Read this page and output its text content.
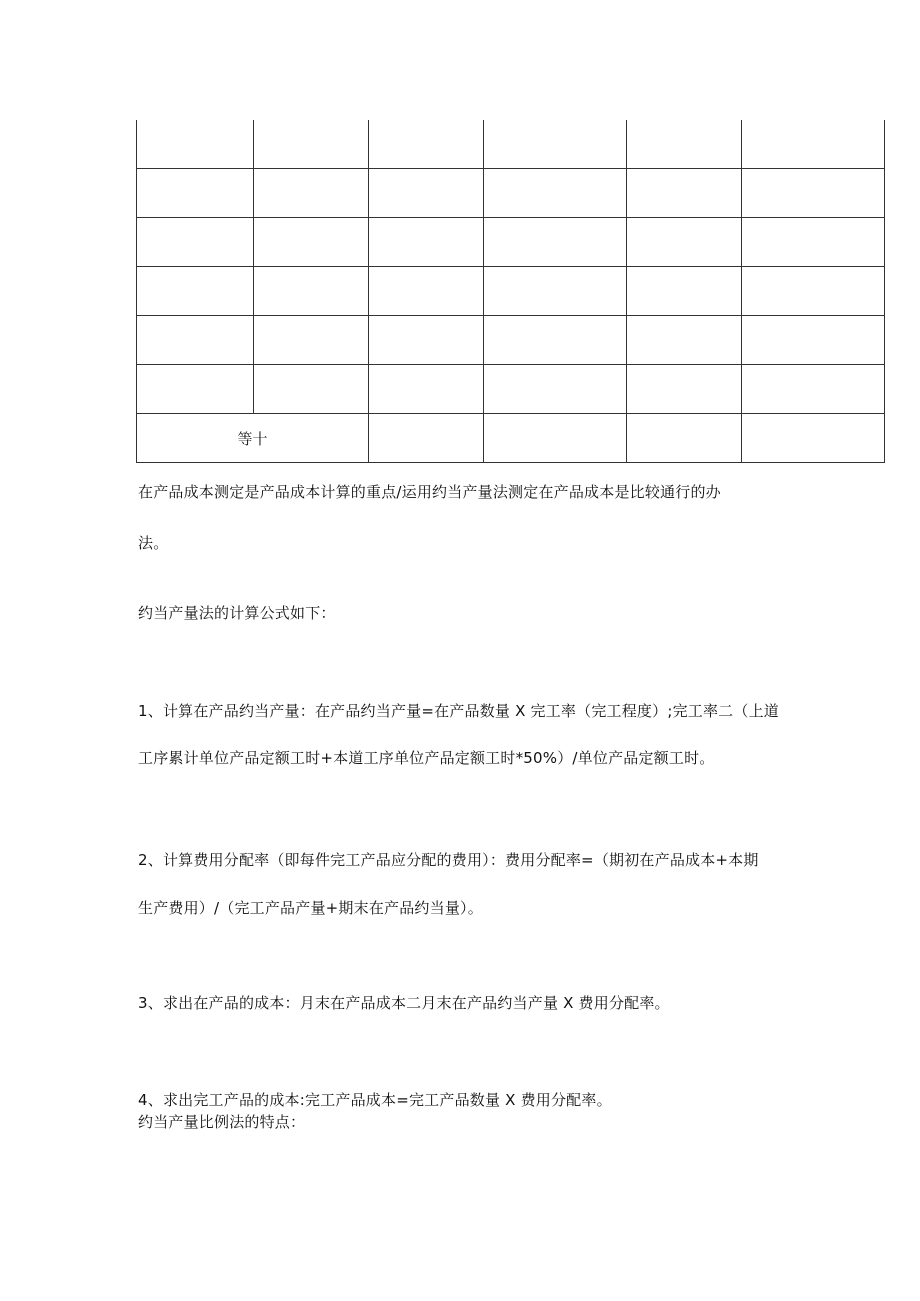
等十					
在产品成本测定是产品成本计算的重点/运用约当产量法测定在产品成本是比较通行的办
法。
约当产量法的计算公式如下：
1、计算在产品约当产量：在产品约当产量=在产品数量 X 完工率（完工程度）;完工率二（上道
工序累计单位产品定额工时+本道工序单位产品定额工时*50%）/单位产品定额工时。
2、计算费用分配率（即每件完工产品应分配的费用）：费用分配率=（期初在产品成本+本期
生产费用）/（完工产品产量+期末在产品约当量）。
3、求出在产品的成本：月末在产品成本二月末在产品约当产量 X 费用分配率。
4、求出完工产品的成本:完工产品成本=完工产品数量 X 费用分配率。
约当产量比例法的特点：
